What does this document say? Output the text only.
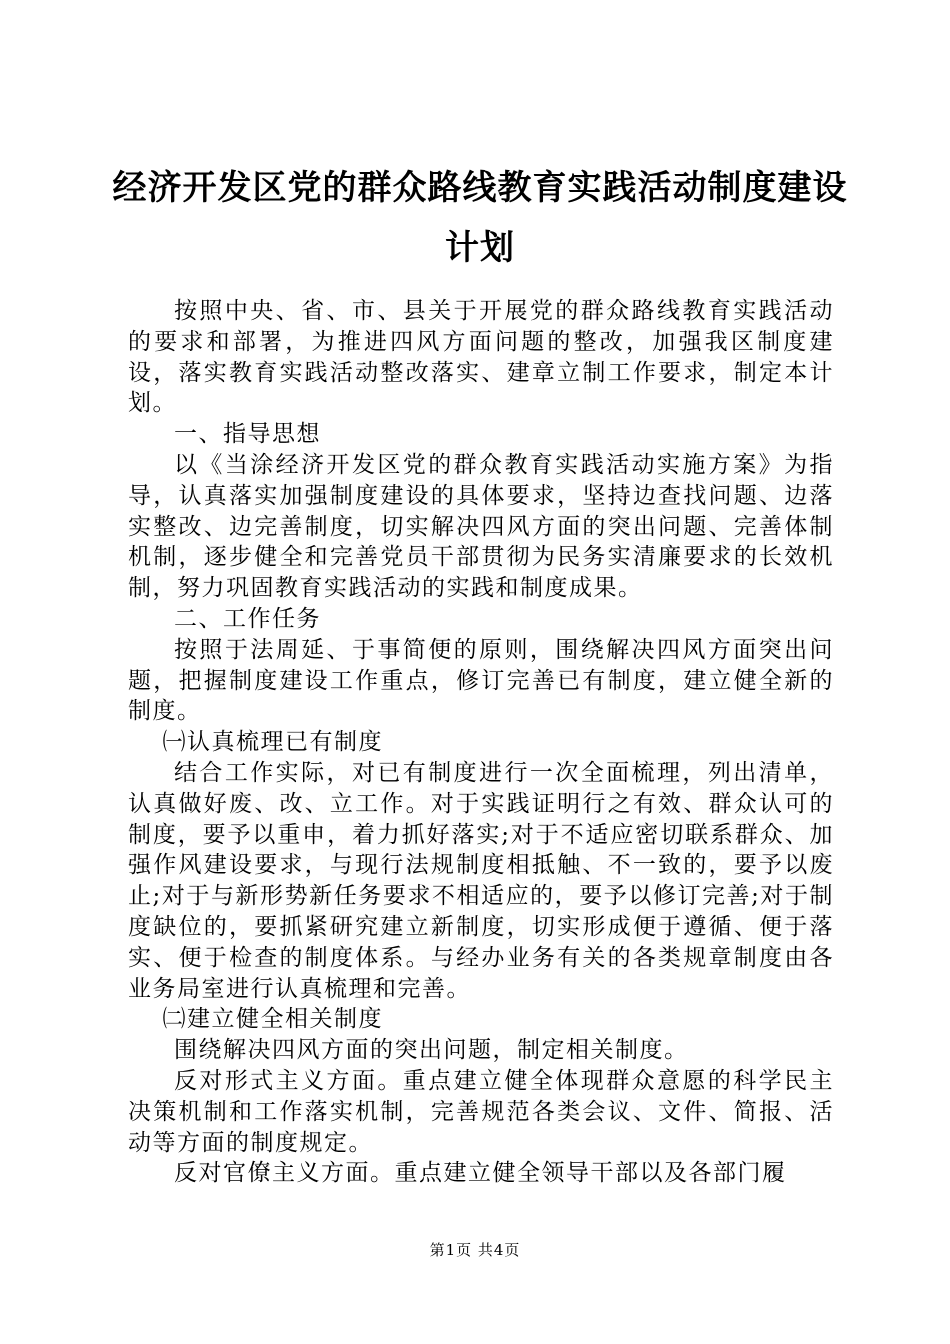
经济开发区党的群众路线教育实践活动制度建设计划

按照中央、省、市、县关于开展党的群众路线教育实践活动的要求和部署，为推进四风方面问题的整改，加强我区制度建设，落实教育实践活动整改落实、建章立制工作要求，制定本计划。

一、指导思想

以《当涂经济开发区党的群众教育实践活动实施方案》为指导，认真落实加强制度建设的具体要求，坚持边查找问题、边落实整改、边完善制度，切实解决四风方面的突出问题、完善体制机制，逐步健全和完善党员干部贯彻为民务实清廉要求的长效机制，努力巩固教育实践活动的实践和制度成果。

二、工作任务

按照于法周延、于事简便的原则，围绕解决四风方面突出问题，把握制度建设工作重点，修订完善已有制度，建立健全新的制度。

㈠认真梳理已有制度

结合工作实际，对已有制度进行一次全面梳理，列出清单，认真做好废、改、立工作。对于实践证明行之有效、群众认可的制度，要予以重申，着力抓好落实;对于不适应密切联系群众、加强作风建设要求，与现行法规制度相抵触、不一致的，要予以废止;对于与新形势新任务要求不相适应的，要予以修订完善;对于制度缺位的，要抓紧研究建立新制度，切实形成便于遵循、便于落实、便于检查的制度体系。与经办业务有关的各类规章制度由各业务局室进行认真梳理和完善。

㈡建立健全相关制度

围绕解决四风方面的突出问题，制定相关制度。

反对形式主义方面。重点建立健全体现群众意愿的科学民主决策机制和工作落实机制，完善规范各类会议、文件、简报、活动等方面的制度规定。

反对官僚主义方面。重点建立健全领导干部以及各部门履

第1页 共4页
